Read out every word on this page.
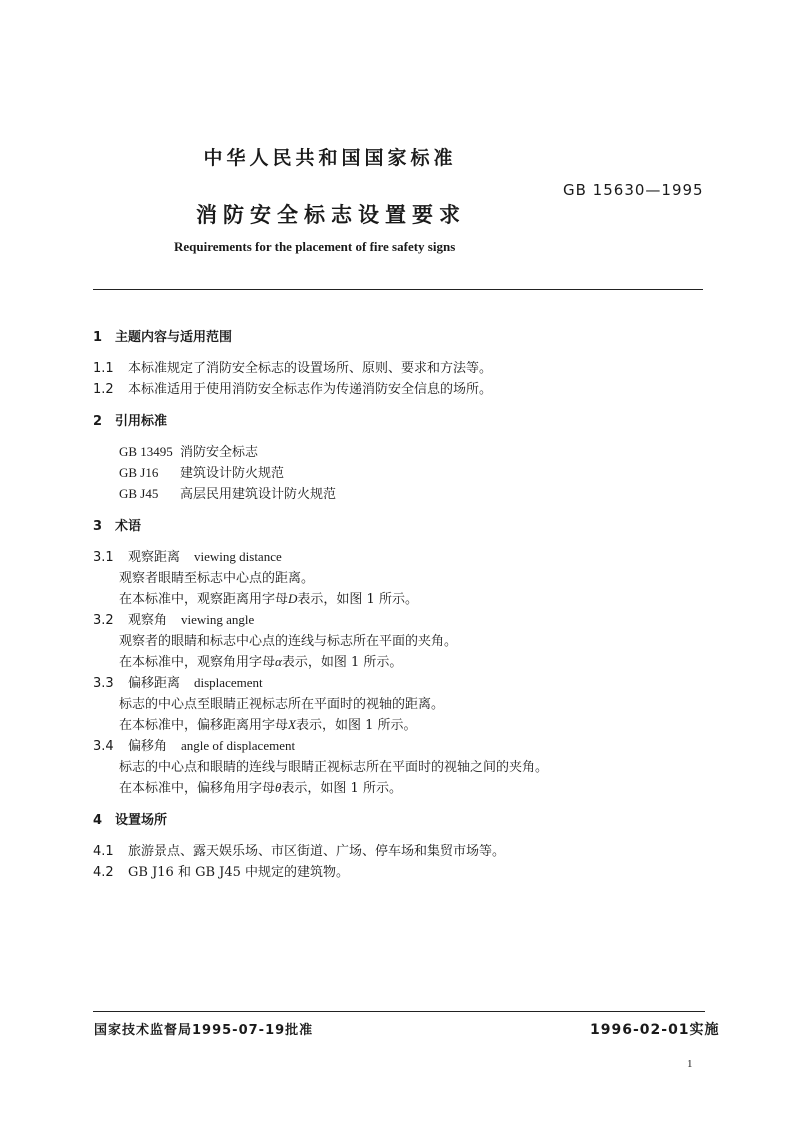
中华人民共和国国家标准
GB 15630—1995
消防安全标志设置要求
Requirements for the placement of fire safety signs
1 主题内容与适用范围
1.1 本标准规定了消防安全标志的设置场所、原则、要求和方法等。
1.2 本标准适用于使用消防安全标志作为传递消防安全信息的场所。
2 引用标准
GB 13495 消防安全标志
GB J16 建筑设计防火规范
GB J45 高层民用建筑设计防火规范
3 术语
3.1 观察距离 viewing distance
观察者眼睛至标志中心点的距离。
在本标准中，观察距离用字母D表示，如图 1 所示。
3.2 观察角 viewing angle
观察者的眼睛和标志中心点的连线与标志所在平面的夹角。
在本标准中，观察角用字母α表示，如图 1 所示。
3.3 偏移距离 displacement
标志的中心点至眼睛正视标志所在平面时的视轴的距离。
在本标准中，偏移距离用字母X表示，如图 1 所示。
3.4 偏移角 angle of displacement
标志的中心点和眼睛的连线与眼睛正视标志所在平面时的视轴之间的夹角。
在本标准中，偏移角用字母θ表示，如图 1 所示。
4 设置场所
4.1 旅游景点、露天娱乐场、市区街道、广场、停车场和集贸市场等。
4.2 GB J16 和 GB J45 中规定的建筑物。
国家技术监督局1995-07-19批准	1996-02-01实施
1
